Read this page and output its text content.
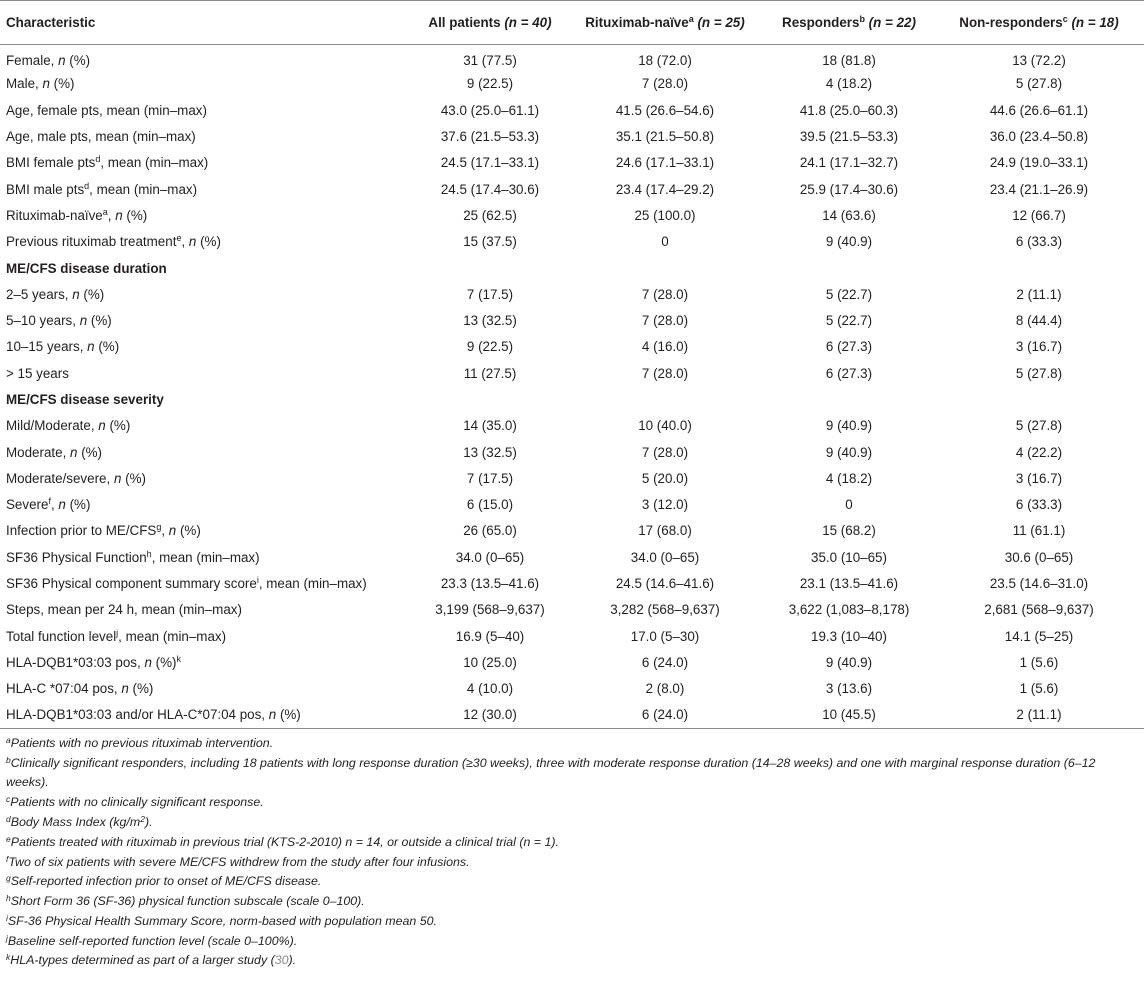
Characteristic	All patients (n = 40)	Rituximab-naïve$^a$ (n = 25)	Responders$^b$ (n = 22)	Non-responders$^c$ (n = 18)
Female, n (%)	31 (77.5)	18 (72.0)	18 (81.8)	13 (72.2)
Male, n (%)	9 (22.5)	7 (28.0)	4 (18.2)	5 (27.8)
Age, female pts, mean (min–max)	43.0 (25.0–61.1)	41.5 (26.6–54.6)	41.8 (25.0–60.3)	44.6 (26.6–61.1)
Age, male pts, mean (min–max)	37.6 (21.5–53.3)	35.1 (21.5–50.8)	39.5 (21.5–53.3)	36.0 (23.4–50.8)
BMI female pts$^d$, mean (min–max)	24.5 (17.1–33.1)	24.6 (17.1–33.1)	24.1 (17.1–32.7)	24.9 (19.0–33.1)
BMI male pts$^d$, mean (min–max)	24.5 (17.4–30.6)	23.4 (17.4–29.2)	25.9 (17.4–30.6)	23.4 (21.1–26.9)
Rituximab-naïve$^a$, n (%)	25 (62.5)	25 (100.0)	14 (63.6)	12 (66.7)
Previous rituximab treatment$^e$, n (%)	15 (37.5)	0	9 (40.9)	6 (33.3)
ME/CFS disease duration				
2–5 years, n (%)	7 (17.5)	7 (28.0)	5 (22.7)	2 (11.1)
5–10 years, n (%)	13 (32.5)	7 (28.0)	5 (22.7)	8 (44.4)
10–15 years, n (%)	9 (22.5)	4 (16.0)	6 (27.3)	3 (16.7)
> 15 years	11 (27.5)	7 (28.0)	6 (27.3)	5 (27.8)
ME/CFS disease severity				
Mild/Moderate, n (%)	14 (35.0)	10 (40.0)	9 (40.9)	5 (27.8)
Moderate, n (%)	13 (32.5)	7 (28.0)	9 (40.9)	4 (22.2)
Moderate/severe, n (%)	7 (17.5)	5 (20.0)	4 (18.2)	3 (16.7)
Severe$^f$, n (%)	6 (15.0)	3 (12.0)	0	6 (33.3)
Infection prior to ME/CFS$^g$, n (%)	26 (65.0)	17 (68.0)	15 (68.2)	11 (61.1)
SF36 Physical Function$^h$, mean (min–max)	34.0 (0–65)	34.0 (0–65)	35.0 (10–65)	30.6 (0–65)
SF36 Physical component summary score$^i$, mean (min–max)	23.3 (13.5–41.6)	24.5 (14.6–41.6)	23.1 (13.5–41.6)	23.5 (14.6–31.0)
Steps, mean per 24 h, mean (min–max)	3,199 (568–9,637)	3,282 (568–9,637)	3,622 (1,083–8,178)	2,681 (568–9,637)
Total function level$^j$, mean (min–max)	16.9 (5–40)	17.0 (5–30)	19.3 (10–40)	14.1 (5–25)
HLA-DQB1*03:03 pos, n (%)$^k$	10 (25.0)	6 (24.0)	9 (40.9)	1 (5.6)
HLA-C *07:04 pos, n (%)	4 (10.0)	2 (8.0)	3 (13.6)	1 (5.6)
HLA-DQB1*03:03 and/or HLA-C*07:04 pos, n (%)	12 (30.0)	6 (24.0)	10 (45.5)	2 (11.1)
$^a$Patients with no previous rituximab intervention.
$^b$Clinically significant responders, including 18 patients with long response duration (≥30 weeks), three with moderate response duration (14–28 weeks) and one with marginal response duration (6–12 weeks).
$^c$Patients with no clinically significant response.
$^d$Body Mass Index $(kg/m^2)$.
$^e$Patients treated with rituximab in previous trial (KTS-2-2010) n = 14, or outside a clinical trial (n = 1).
$^f$Two of six patients with severe ME/CFS withdrew from the study after four infusions.
$^g$Self-reported infection prior to onset of ME/CFS disease.
$^h$Short Form 36 (SF-36) physical function subscale (scale 0–100).
$^i$SF-36 Physical Health Summary Score, norm-based with population mean 50.
$^j$Baseline self-reported function level (scale 0–100%).
$^k$HLA-types determined as part of a larger study (30).
